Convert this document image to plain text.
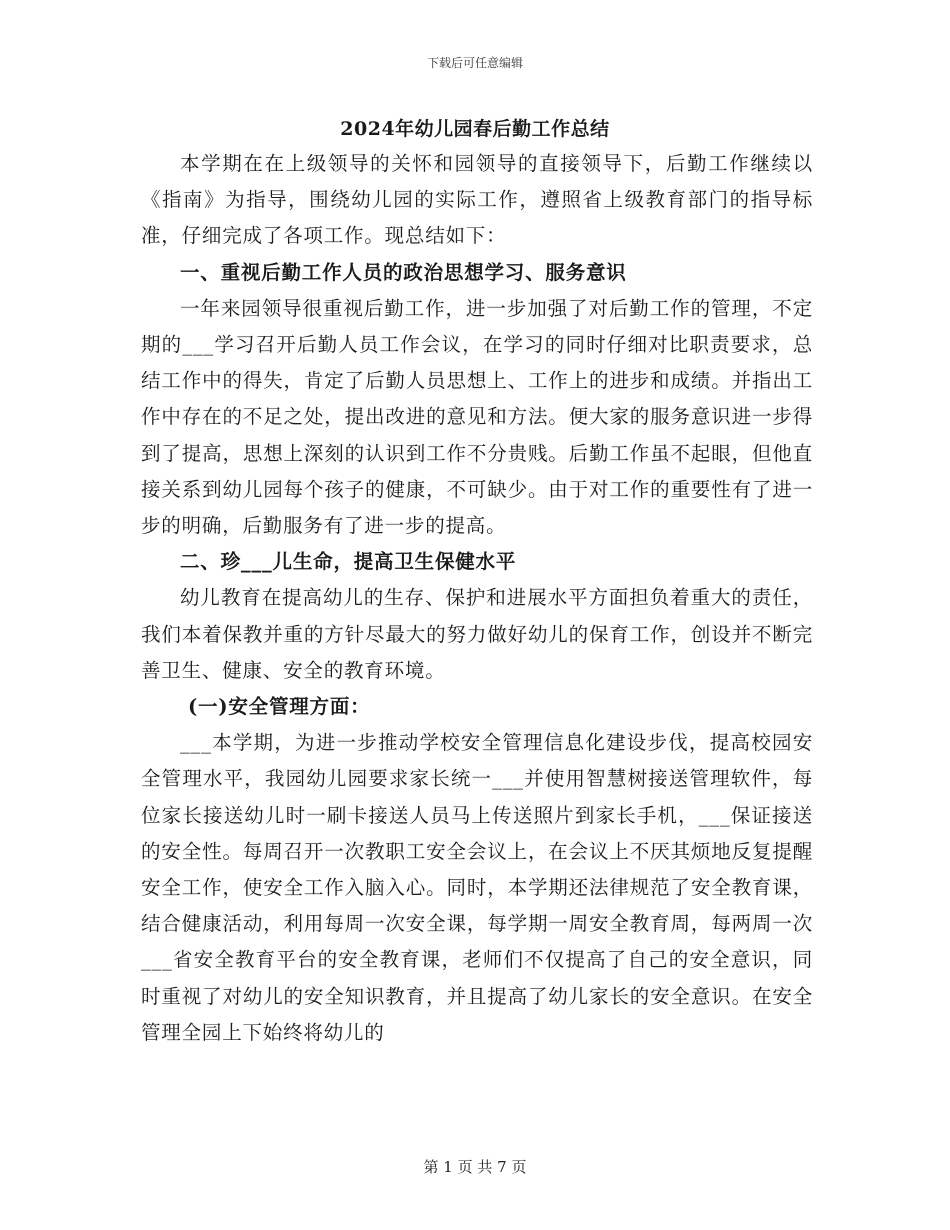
下载后可任意编辑
2024年幼儿园春后勤工作总结

本学期在在上级领导的关怀和园领导的直接领导下，后勤工作继续以《指南》为指导，围绕幼儿园的实际工作，遵照省上级教育部门的指导标准，仔细完成了各项工作。现总结如下：

一、重视后勤工作人员的政治思想学习、服务意识

一年来园领导很重视后勤工作，进一步加强了对后勤工作的管理，不定期的___学习召开后勤人员工作会议，在学习的同时仔细对比职责要求，总结工作中的得失，肯定了后勤人员思想上、工作上的进步和成绩。并指出工作中存在的不足之处，提出改进的意见和方法。便大家的服务意识进一步得到了提高，思想上深刻的认识到工作不分贵贱。后勤工作虽不起眼，但他直接关系到幼儿园每个孩子的健康，不可缺少。由于对工作的重要性有了进一步的明确，后勤服务有了进一步的提高。

二、珍___儿生命，提高卫生保健水平

幼儿教育在提高幼儿的生存、保护和进展水平方面担负着重大的责任，我们本着保教并重的方针尽最大的努力做好幼儿的保育工作，创设并不断完善卫生、健康、安全的教育环境。

(一)安全管理方面：

___本学期，为进一步推动学校安全管理信息化建设步伐，提高校园安全管理水平，我园幼儿园要求家长统一___并使用智慧树接送管理软件，每位家长接送幼儿时一刷卡接送人员马上传送照片到家长手机，___保证接送的安全性。每周召开一次教职工安全会议上，在会议上不厌其烦地反复提醒安全工作，使安全工作入脑入心。同时，本学期还法律规范了安全教育课，结合健康活动，利用每周一次安全课，每学期一周安全教育周，每两周一次___省安全教育平台的安全教育课，老师们不仅提高了自己的安全意识，同时重视了对幼儿的安全知识教育，并且提高了幼儿家长的安全意识。在安全管理全园上下始终将幼儿的

第 1 页 共 7 页
